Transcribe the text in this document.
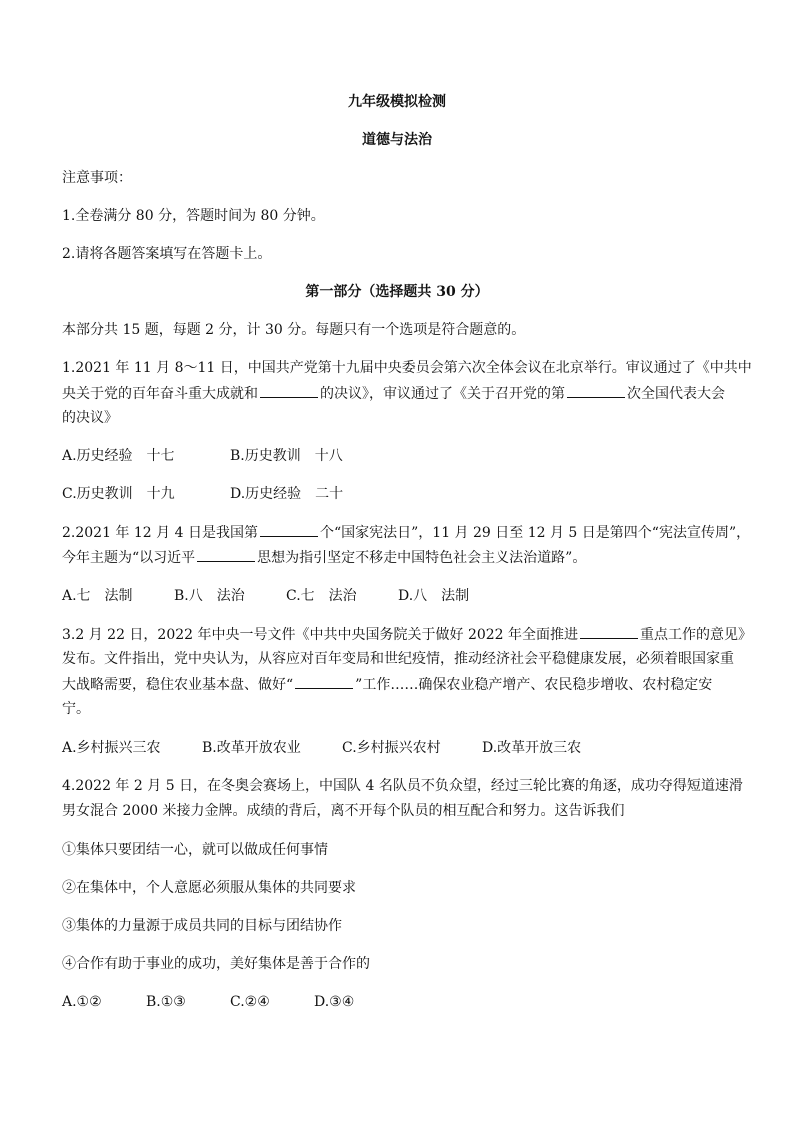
九年级模拟检测
道德与法治
注意事项：
1.全卷满分 80 分，答题时间为 80 分钟。
2.请将各题答案填写在答题卡上。
第一部分（选择题共 30 分）
本部分共 15 题，每题 2 分，计 30 分。每题只有一个选项是符合题意的。
1.2021 年 11 月 8～11 日，中国共产党第十九届中央委员会第六次全体会议在北京举行。审议通过了《中共中
央关于党的百年奋斗重大成就和	的决议》，审议通过了《关于召开党的第	次全国代表大会
的决议》
A.历史经验　十七	B.历史教训　十八
C.历史教训　十九	D.历史经验　二十
2.2021 年 12 月 4 日是我国第	个“国家宪法日”，11 月 29 日至 12 月 5 日是第四个“宪法宣传周”，
今年主题为“以习近平	思想为指引坚定不移走中国特色社会主义法治道路”。
A.七　法制	B.八　法治	C.七　法治	D.八　法制
3.2 月 22 日，2022 年中央一号文件《中共中央国务院关于做好 2022 年全面推进	重点工作的意见》
发布。文件指出，党中央认为，从容应对百年变局和世纪疫情，推动经济社会平稳健康发展，必须着眼国家重
大战略需要，稳住农业基本盘、做好“	”工作……确保农业稳产增产、农民稳步增收、农村稳定安
宁。
A.乡村振兴三农	B.改革开放农业	C.乡村振兴农村	D.改革开放三农
4.2022 年 2 月 5 日，在冬奥会赛场上，中国队 4 名队员不负众望，经过三轮比赛的角逐，成功夺得短道速滑
男女混合 2000 米接力金牌。成绩的背后，离不开每个队员的相互配合和努力。这告诉我们
①集体只要团结一心，就可以做成任何事情
②在集体中，个人意愿必须服从集体的共同要求
③集体的力量源于成员共同的目标与团结协作
④合作有助于事业的成功，美好集体是善于合作的
A.①②	B.①③	C.②④	D.③④
